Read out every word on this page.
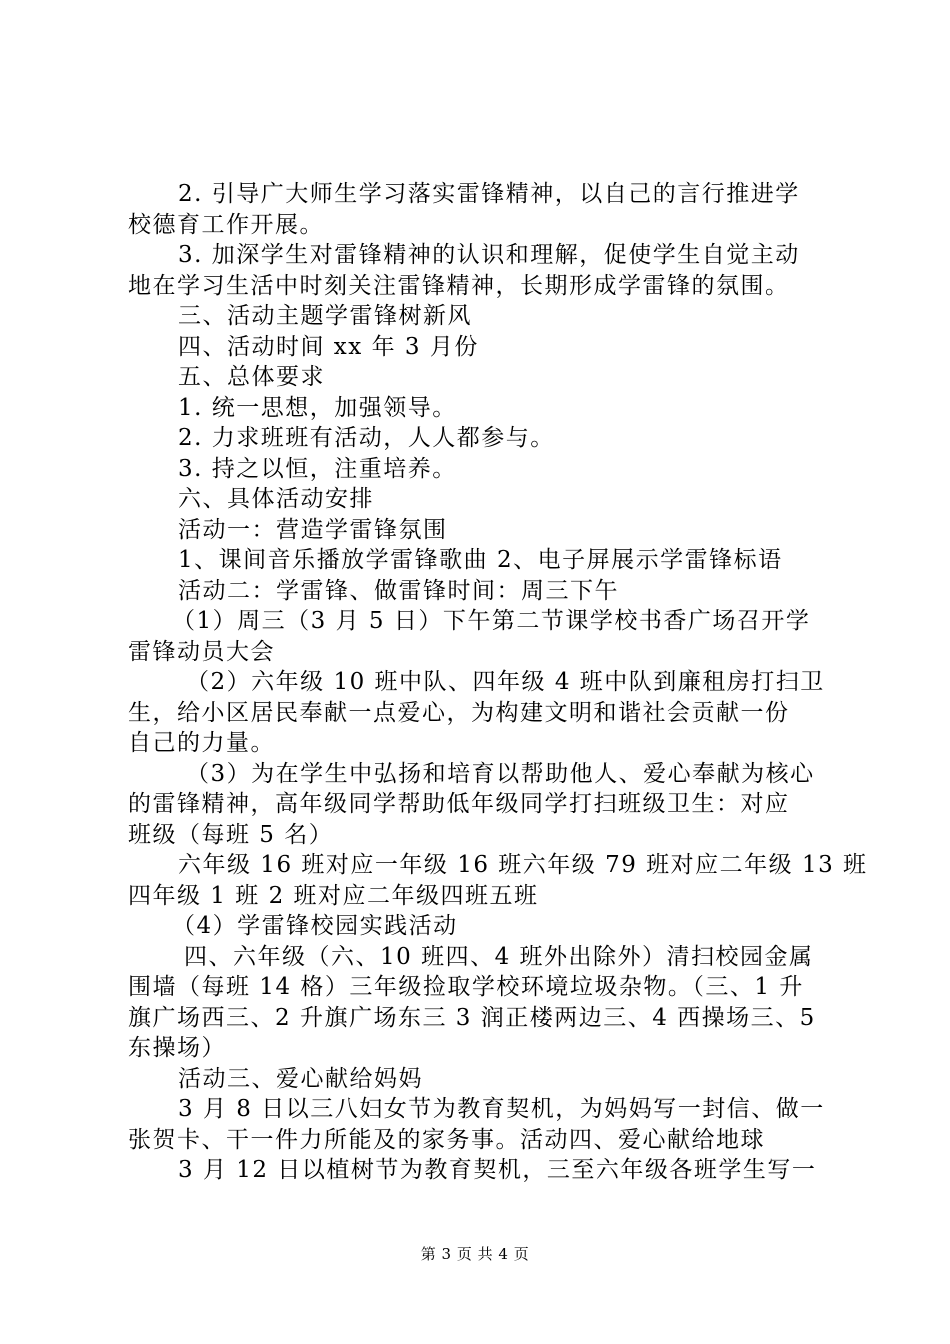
2. 引导广大师生学习落实雷锋精神，以自己的言行推进学
校德育工作开展。
3. 加深学生对雷锋精神的认识和理解，促使学生自觉主动
地在学习生活中时刻关注雷锋精神，长期形成学雷锋的氛围。
三、活动主题学雷锋树新风
四、活动时间 xx 年 3 月份
五、总体要求
1. 统一思想，加强领导。
2. 力求班班有活动，人人都参与。
3. 持之以恒，注重培养。
六、具体活动安排
活动一：营造学雷锋氛围
1、课间音乐播放学雷锋歌曲 2、电子屏展示学雷锋标语
活动二：学雷锋、做雷锋时间：周三下午
（1）周三（3 月 5 日）下午第二节课学校书香广场召开学
雷锋动员大会
（2）六年级 10 班中队、四年级 4 班中队到廉租房打扫卫
生，给小区居民奉献一点爱心，为构建文明和谐社会贡献一份
自己的力量。
（3）为在学生中弘扬和培育以帮助他人、爱心奉献为核心
的雷锋精神，高年级同学帮助低年级同学打扫班级卫生：对应
班级（每班 5 名）
六年级 16 班对应一年级 16 班六年级 79 班对应二年级 13 班
四年级 1 班 2 班对应二年级四班五班
（4）学雷锋校园实践活动
四、六年级（六、10 班四、4 班外出除外）清扫校园金属
围墙（每班 14 格）三年级捡取学校环境垃圾杂物。（三、1 升
旗广场西三、2 升旗广场东三 3 润正楼两边三、4 西操场三、5
东操场）
活动三、爱心献给妈妈
3 月 8 日以三八妇女节为教育契机，为妈妈写一封信、做一
张贺卡、干一件力所能及的家务事。活动四、爱心献给地球
3 月 12 日以植树节为教育契机，三至六年级各班学生写一
第 3 页 共 4 页
